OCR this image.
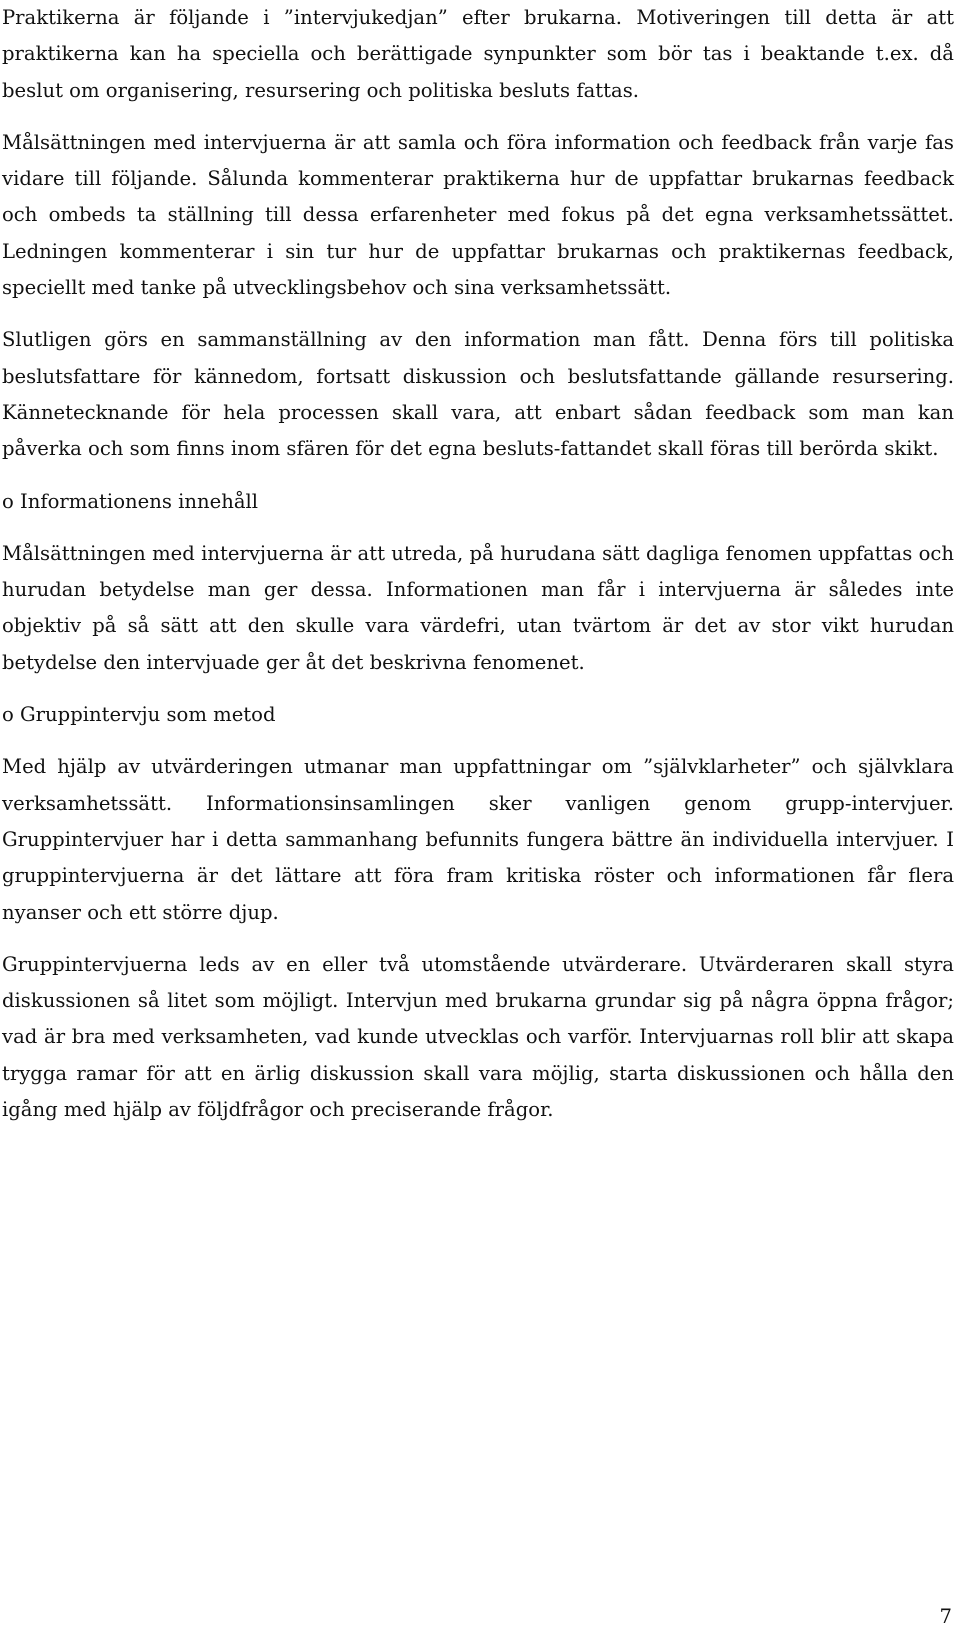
Praktikerna är följande i ”intervjukedjan” efter brukarna. Motiveringen till detta är att praktikerna kan ha speciella och berättigade synpunkter som bör tas i beaktande t.ex. då beslut om organisering, resursering och politiska besluts fattas.

Målsättningen med intervjuerna är att samla och föra information och feedback från varje fas vidare till följande. Sålunda kommenterar praktikerna hur de uppfattar brukarnas feedback och ombeds ta ställning till dessa erfarenheter med fokus på det egna verksamhetssättet. Ledningen kommenterar i sin tur hur de uppfattar brukarnas och praktikernas feedback, speciellt med tanke på utvecklingsbehov och sina verksamhetssätt.

Slutligen görs en sammanställning av den information man fått. Denna förs till politiska beslutsfattare för kännedom, fortsatt diskussion och beslutsfattande gällande resursering. Kännetecknande för hela processen skall vara, att enbart sådan feedback som man kan påverka och som finns inom sfären för det egna besluts-fattandet skall föras till berörda skikt.

o Informationens innehåll

Målsättningen med intervjuerna är att utreda, på hurudana sätt dagliga fenomen uppfattas och hurudan betydelse man ger dessa. Informationen man får i intervjuerna är således inte objektiv på så sätt att den skulle vara värdefri, utan tvärtom är det av stor vikt hurudan betydelse den intervjuade ger åt det beskrivna fenomenet.

o Gruppintervju som metod

Med hjälp av utvärderingen utmanar man uppfattningar om ”självklarheter” och självklara verksamhetssätt. Informationsinsamlingen sker vanligen genom grupp-intervjuer. Gruppintervjuer har i detta sammanhang befunnits fungera bättre än individuella intervjuer. I gruppintervjuerna är det lättare att föra fram kritiska röster och informationen får flera nyanser och ett större djup.

Gruppintervjuerna leds av en eller två utomstående utvärderare. Utvärderaren skall styra diskussionen så litet som möjligt. Intervjun med brukarna grundar sig på några öppna frågor; vad är bra med verksamheten, vad kunde utvecklas och varför. Intervjuarnas roll blir att skapa trygga ramar för att en ärlig diskussion skall vara möjlig, starta diskussionen och hålla den igång med hjälp av följdfrågor och preciserande frågor.

7
